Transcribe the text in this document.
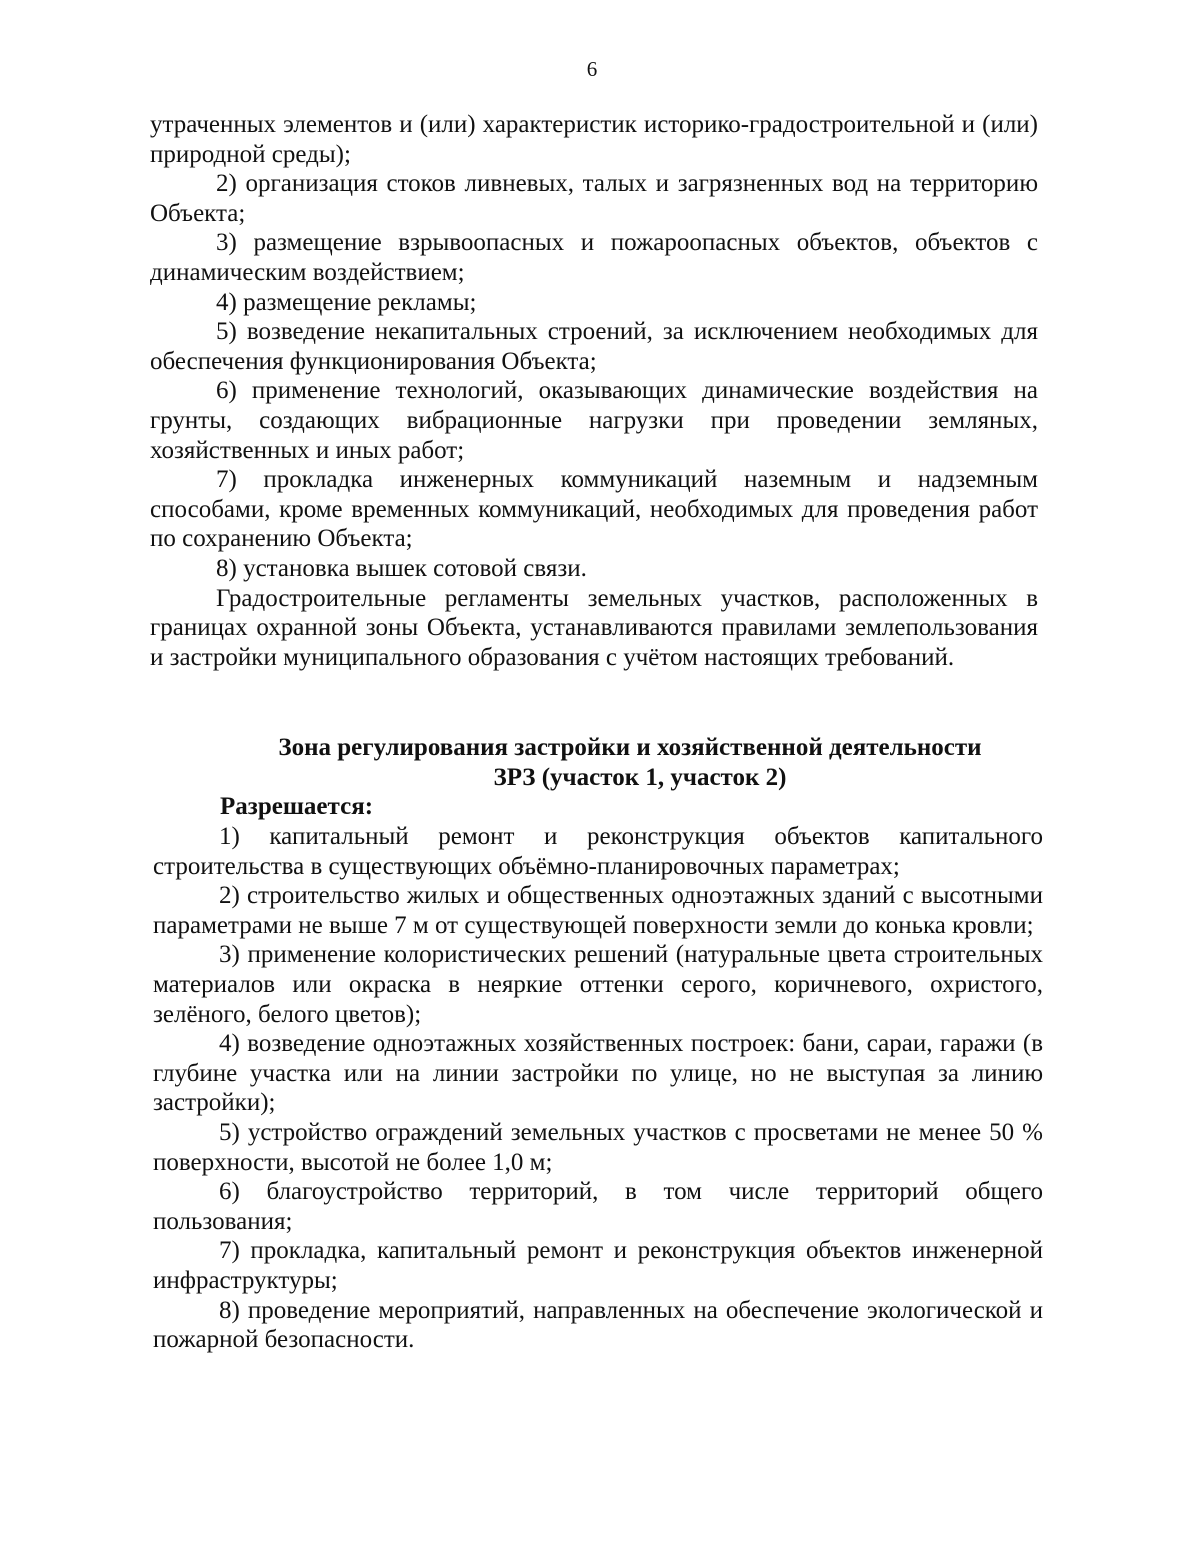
6

утраченных элементов и (или) характеристик историко-градостроительной и (или) природной среды);

2) организация стоков ливневых, талых и загрязненных вод на территорию Объекта;

3) размещение взрывоопасных и пожароопасных объектов, объектов с динамическим воздействием;

4) размещение рекламы;

5) возведение некапитальных строений, за исключением необходимых для обеспечения функционирования Объекта;

6) применение технологий, оказывающих динамические воздействия на грунты, создающих вибрационные нагрузки при проведении земляных, хозяйственных и иных работ;

7) прокладка инженерных коммуникаций наземным и надземным способами, кроме временных коммуникаций, необходимых для проведения работ по сохранению Объекта;

8) установка вышек сотовой связи.

Градостроительные регламенты земельных участков, расположенных в границах охранной зоны Объекта, устанавливаются правилами землепользования и застройки муниципального образования с учётом настоящих требований.

Зона регулирования застройки и хозяйственной деятельности
ЗРЗ (участок 1, участок 2)
Разрешается:

1) капитальный ремонт и реконструкция объектов капитального строительства в существующих объёмно-планировочных параметрах;

2) строительство жилых и общественных одноэтажных зданий с высотными параметрами не выше 7 м от существующей поверхности земли до конька кровли;

3) применение колористических решений (натуральные цвета строительных материалов или окраска в неяркие оттенки серого, коричневого, охристого, зелёного, белого цветов);

4) возведение одноэтажных хозяйственных построек: бани, сараи, гаражи (в глубине участка или на линии застройки по улице, но не выступая за линию застройки);

5) устройство ограждений земельных участков с просветами не менее 50 % поверхности, высотой не более 1,0 м;

6) благоустройство территорий, в том числе территорий общего пользования;

7) прокладка, капитальный ремонт и реконструкция объектов инженерной инфраструктуры;

8) проведение мероприятий, направленных на обеспечение экологической и пожарной безопасности.
